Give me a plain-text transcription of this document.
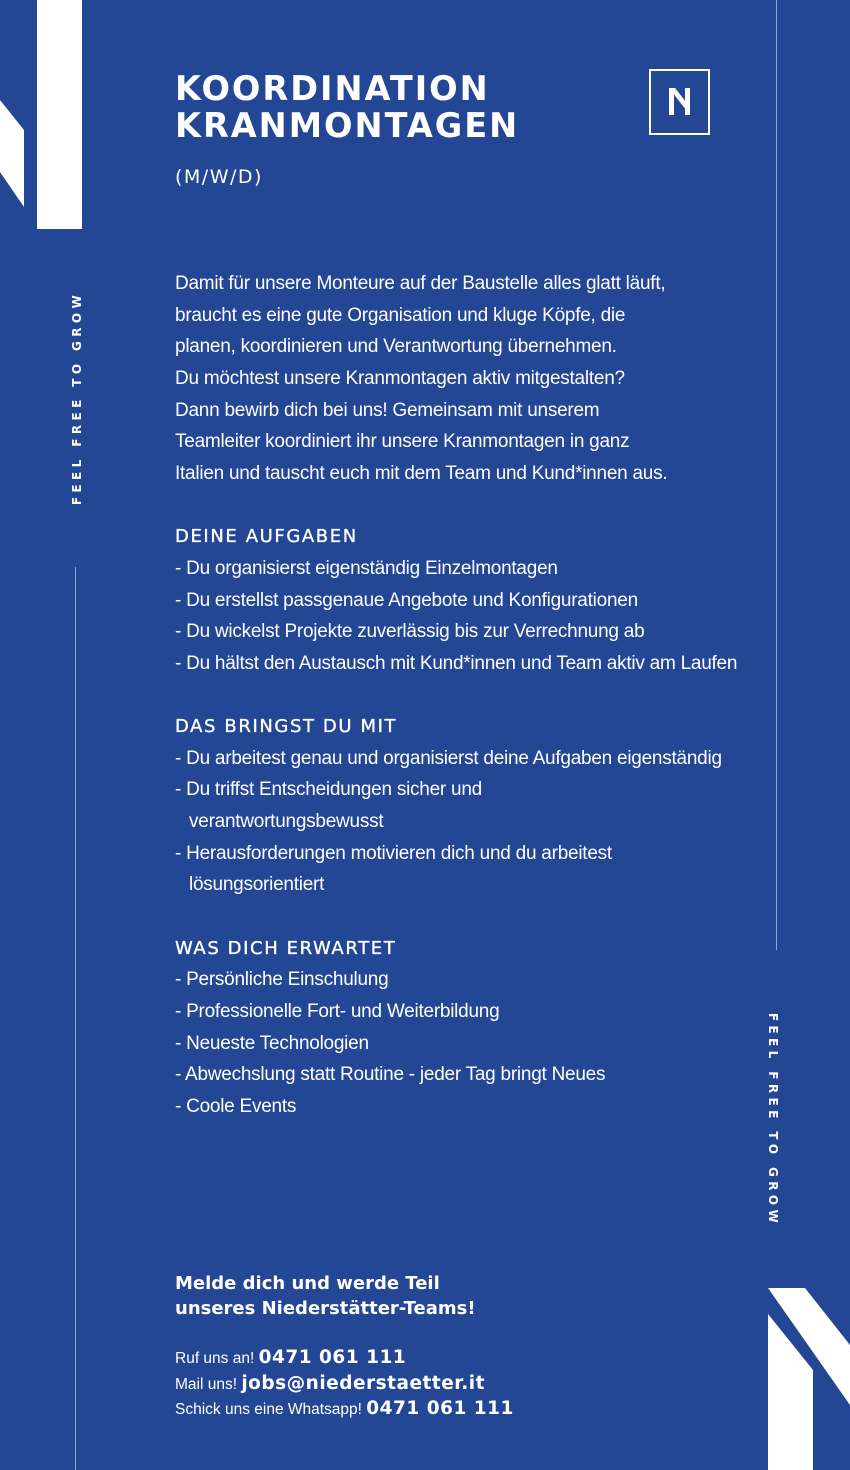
FEEL FREE TO GROW
FEEL FREE TO GROW
KOORDINATION
KRANMONTAGEN
(M/W/D)

Damit für unsere Monteure auf der Baustelle alles glatt läuft,
braucht es eine gute Organisation und kluge Köpfe, die
planen, koordinieren und Verantwortung übernehmen.
Du möchtest unsere Kranmontagen aktiv mitgestalten?
Dann bewirb dich bei uns! Gemeinsam mit unserem
Teamleiter koordiniert ihr unsere Kranmontagen in ganz
Italien und tauscht euch mit dem Team und Kund*innen aus.

DEINE AUFGABEN
- Du organisierst eigenständig Einzelmontagen
- Du erstellst passgenaue Angebote und Konfigurationen
- Du wickelst Projekte zuverlässig bis zur Verrechnung ab
- Du hältst den Austausch mit Kund*innen und Team aktiv am Laufen
DAS BRINGST DU MIT
- Du arbeitest genau und organisierst deine Aufgaben eigenständig
- Du triffst Entscheidungen sicher und verantwortungsbewusst
- Herausforderungen motivieren dich und du arbeitest lösungsorientiert
WAS DICH ERWARTET
- Persönliche Einschulung
- Professionelle Fort- und Weiterbildung
- Neueste Technologien
- Abwechslung statt Routine - jeder Tag bringt Neues
- Coole Events

Melde dich und werde Teil
unseres Niederstätter-Teams!

Ruf uns an! 0471 061 111
Mail uns! jobs@niederstaetter.it
Schick uns eine Whatsapp! 0471 061 111
